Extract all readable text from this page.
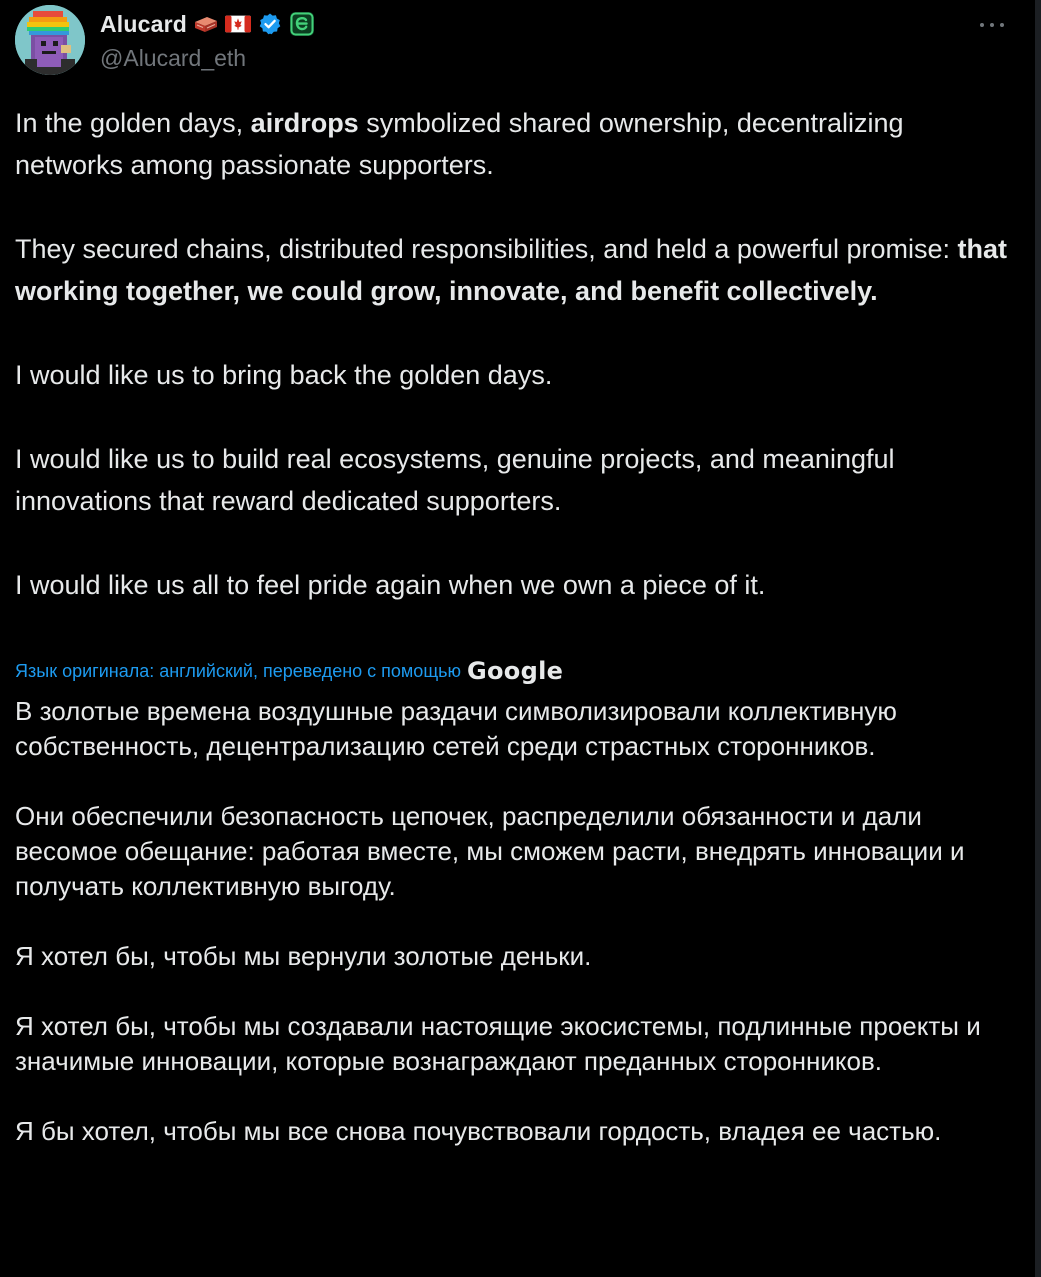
Alucard
@Alucard_eth

In the golden days, airdrops symbolized shared ownership, decentralizing networks among passionate supporters.

They secured chains, distributed responsibilities, and held a powerful promise: that working together, we could grow, innovate, and benefit collectively.

I would like us to bring back the golden days.

I would like us to build real ecosystems, genuine projects, and meaningful innovations that reward dedicated supporters.

I would like us all to feel pride again when we own a piece of it.

Язык оригинала: английский, переведено с помощью Google

В золотые времена воздушные раздачи символизировали коллективную собственность, децентрализацию сетей среди страстных сторонников.

Они обеспечили безопасность цепочек, распределили обязанности и дали весомое обещание: работая вместе, мы сможем расти, внедрять инновации и получать коллективную выгоду.

Я хотел бы, чтобы мы вернули золотые деньки.

Я хотел бы, чтобы мы создавали настоящие экосистемы, подлинные проекты и значимые инновации, которые вознаграждают преданных сторонников.

Я бы хотел, чтобы мы все снова почувствовали гордость, владея ее частью.
